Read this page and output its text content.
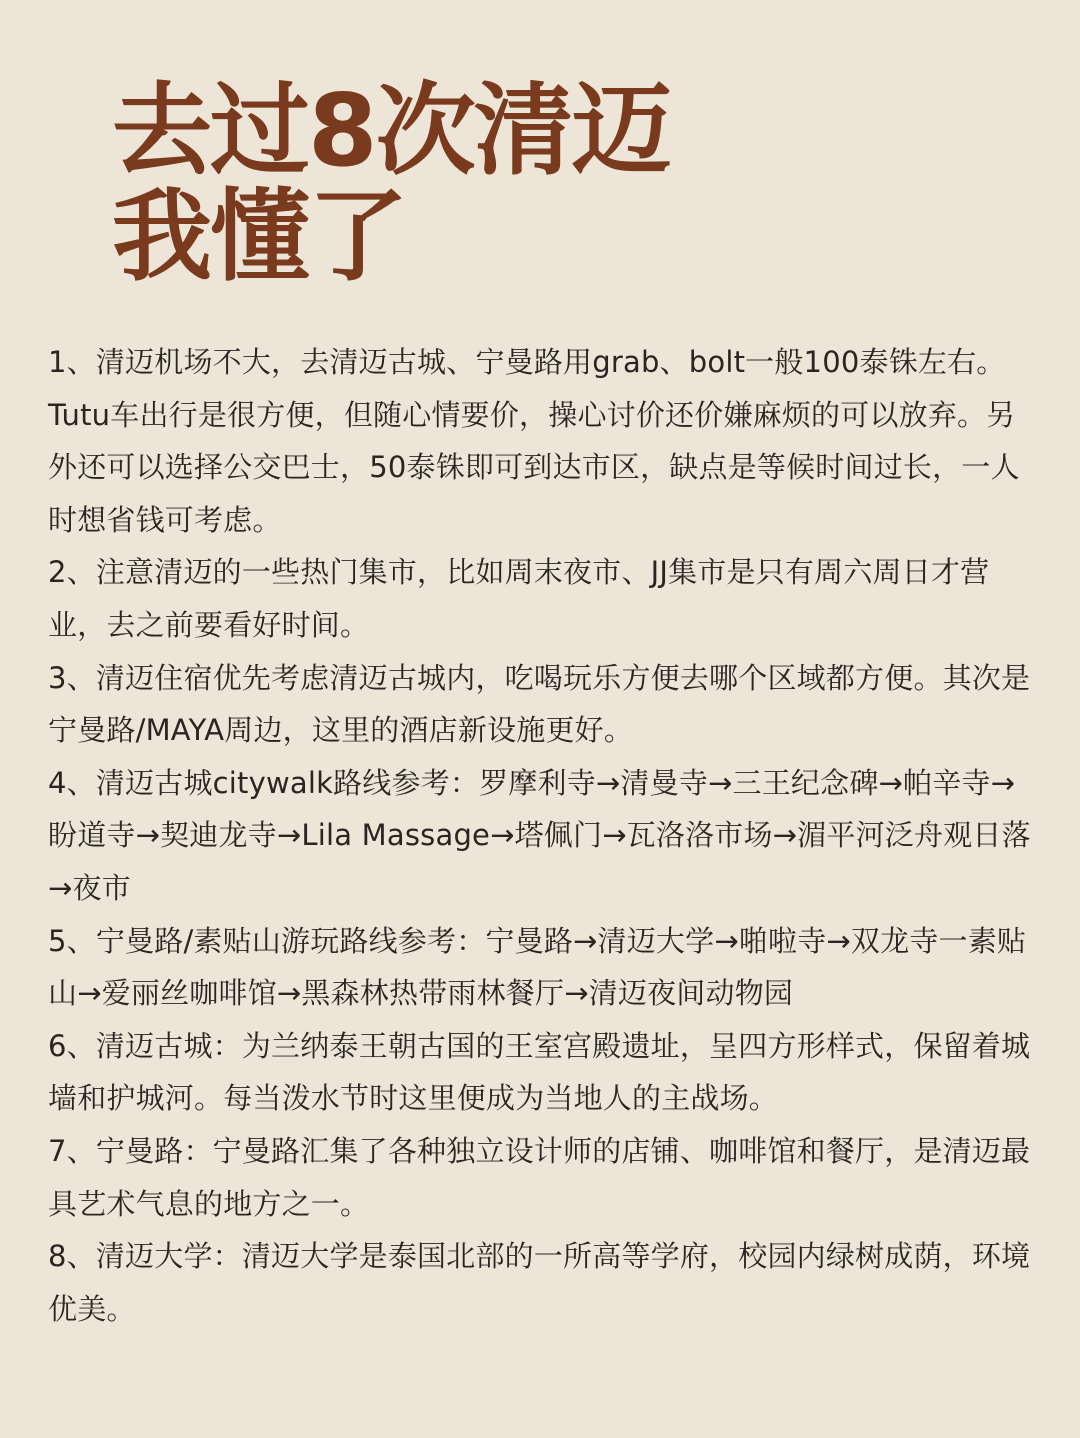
去过8次清迈
我懂了

1、清迈机场不大，去清迈古城、宁曼路用grab、bolt一般100泰铢左右。Tutu车出行是很方便，但随心情要价，操心讨价还价嫌麻烦的可以放弃。另外还可以选择公交巴士，50泰铢即可到达市区，缺点是等候时间过长，一人时想省钱可考虑。

2、注意清迈的一些热门集市，比如周末夜市、JJ集市是只有周六周日才营业，去之前要看好时间。

3、清迈住宿优先考虑清迈古城内，吃喝玩乐方便去哪个区域都方便。其次是宁曼路/MAYA周边，这里的酒店新设施更好。

4、清迈古城citywalk路线参考：罗摩利寺→清曼寺→三王纪念碑→帕辛寺→盼道寺→契迪龙寺→Lila Massage→塔佩门→瓦洛洛市场→湄平河泛舟观日落→夜市

5、宁曼路/素贴山游玩路线参考：宁曼路→清迈大学→啪啦寺→双龙寺一素贴山→爱丽丝咖啡馆→黑森林热带雨林餐厅→清迈夜间动物园

6、清迈古城：为兰纳泰王朝古国的王室宫殿遗址，呈四方形样式，保留着城墙和护城河。每当泼水节时这里便成为当地人的主战场。

7、宁曼路：宁曼路汇集了各种独立设计师的店铺、咖啡馆和餐厅，是清迈最具艺术气息的地方之一。

8、清迈大学：清迈大学是泰国北部的一所高等学府，校园内绿树成荫，环境优美。
